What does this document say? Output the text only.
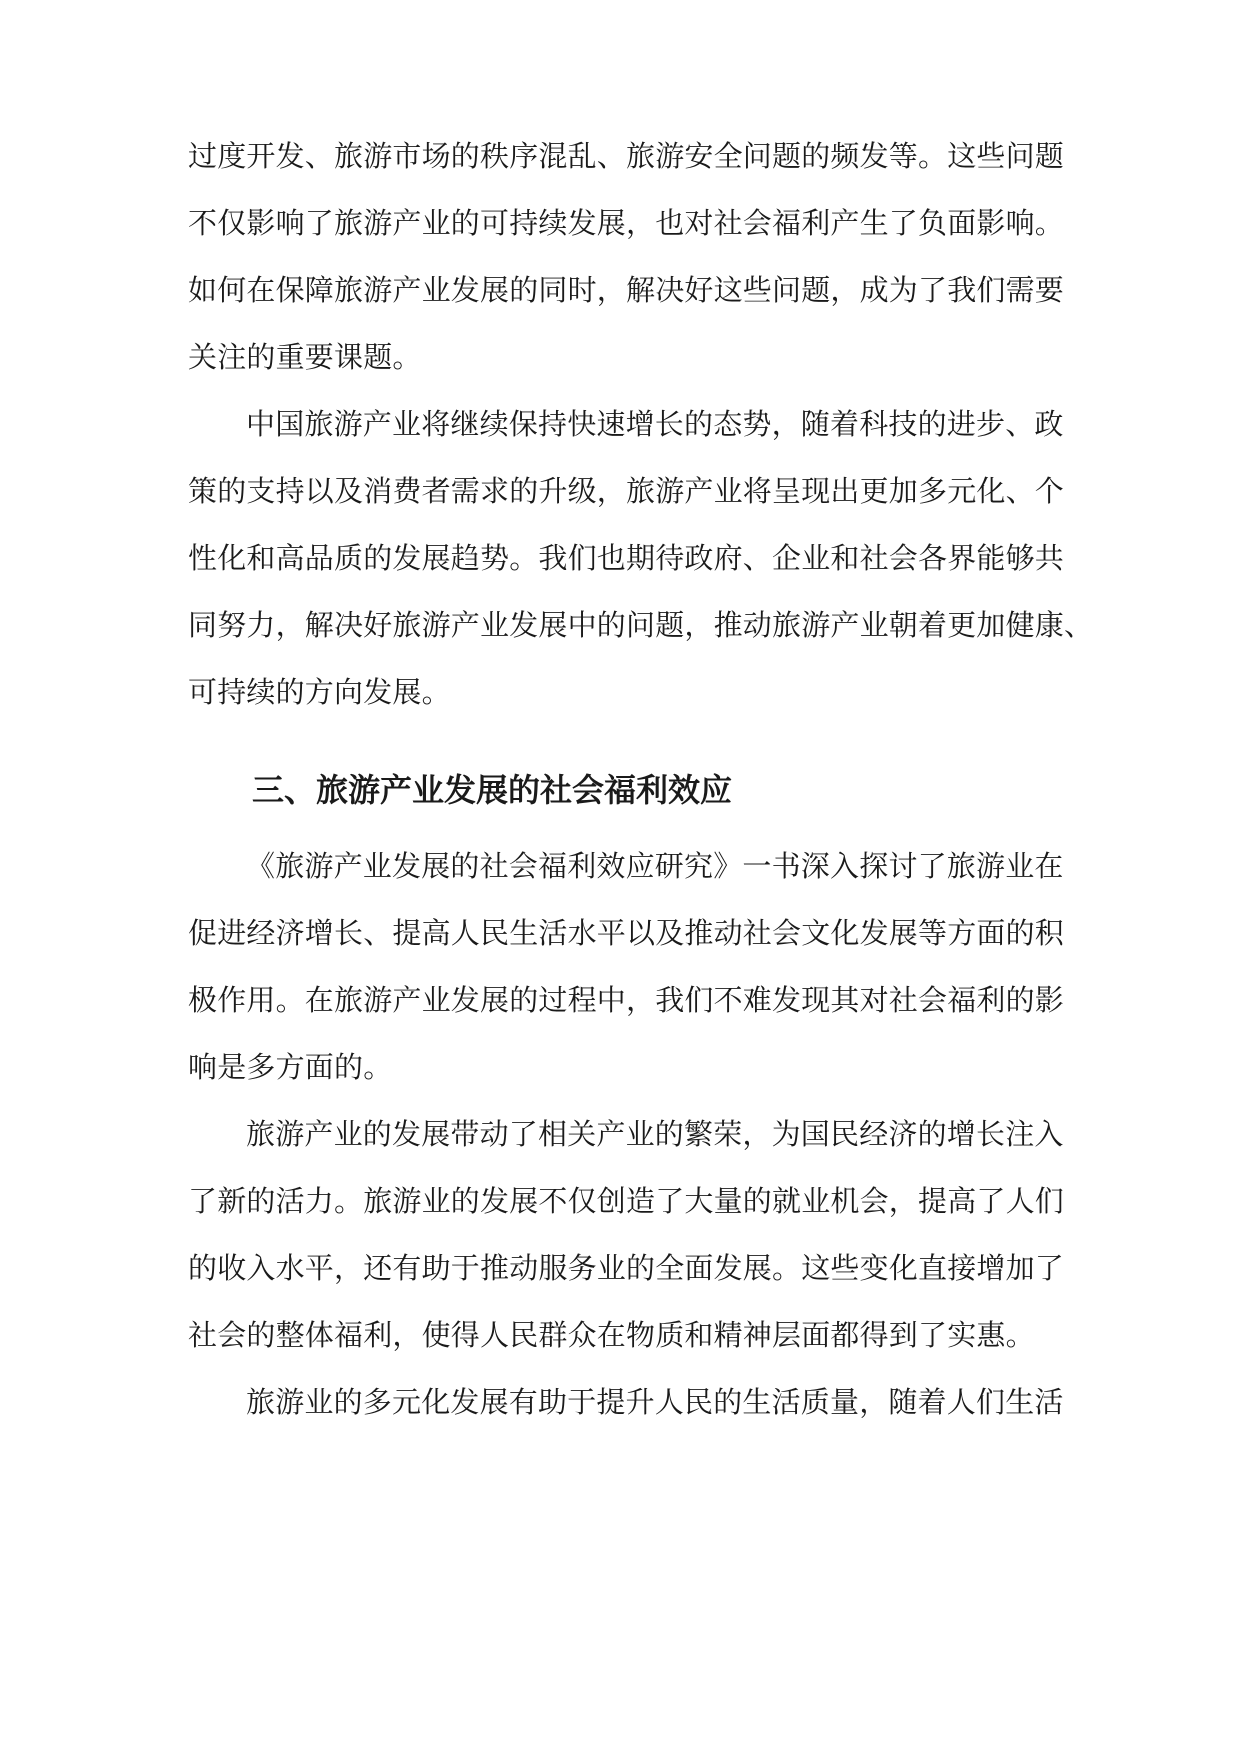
过度开发、旅游市场的秩序混乱、旅游安全问题的频发等。这些问题
不仅影响了旅游产业的可持续发展，也对社会福利产生了负面影响。
如何在保障旅游产业发展的同时，解决好这些问题，成为了我们需要
关注的重要课题。
中国旅游产业将继续保持快速增长的态势，随着科技的进步、政
策的支持以及消费者需求的升级，旅游产业将呈现出更加多元化、个
性化和高品质的发展趋势。我们也期待政府、企业和社会各界能够共
同努力，解决好旅游产业发展中的问题，推动旅游产业朝着更加健康、
可持续的方向发展。
三、旅游产业发展的社会福利效应
《旅游产业发展的社会福利效应研究》一书深入探讨了旅游业在
促进经济增长、提高人民生活水平以及推动社会文化发展等方面的积
极作用。在旅游产业发展的过程中，我们不难发现其对社会福利的影
响是多方面的。
旅游产业的发展带动了相关产业的繁荣，为国民经济的增长注入
了新的活力。旅游业的发展不仅创造了大量的就业机会，提高了人们
的收入水平，还有助于推动服务业的全面发展。这些变化直接增加了
社会的整体福利，使得人民群众在物质和精神层面都得到了实惠。
旅游业的多元化发展有助于提升人民的生活质量，随着人们生活
